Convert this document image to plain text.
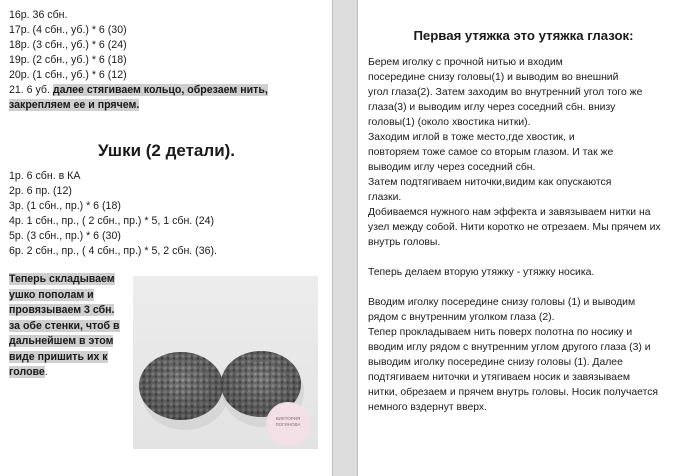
16р. 36 сбн.
17р. (4 сбн., уб.) * 6 (30)
18р. (3 сбн., уб.) * 6 (24)
19р. (2 сбн., уб.) * 6 (18)
20р. (1 сбн., уб.) * 6 (12)
21. 6 уб. далее стягиваем кольцо, обрезаем нить,
закрепляем ее и прячем.
Ушки (2 детали).
1р. 6 сбн. в КА
2р. 6 пр. (12)
3р. (1 сбн., пр.) * 6 (18)
4р. 1 сбн., пр., ( 2 сбн., пр.) * 5, 1 сбн. (24)
5р. (3 сбн., пр.) * 6 (30)
6р. 2 сбн., пр., ( 4 сбн., пр.) * 5, 2 сбн. (36).
Теперь складываем
ушко пополам и
провязываем 3 сбн.
за обе стенки, чтоб в
дальнейшем в этом
виде пришить их к
голове.
ВИКТОРИЯ
ЛОГИНОВА
Первая утяжка это утяжка глазок:

Берем иголку с прочной нитью и входим

посередине снизу головы(1) и выводим во внешний

угол глаза(2). Затем заходим во внутренний угол того же

глаза(3) и выводим иглу через соседний сбн. внизу

головы(1) (около хвостика нитки).

Заходим иглой в тоже место,где хвостик, и

повторяем тоже самое со вторым глазом. И так же

выводим иглу через соседний сбн.

Затем подтягиваем ниточки,видим как опускаются

глазки.

Добиваемся нужного нам эффекта и завязываем нитки на

узел между собой. Нити коротко не отрезаем. Мы прячем их

внутрь головы.

Теперь делаем вторую утяжку - утяжку носика.

Вводим иголку посередине снизу головы (1) и выводим

рядом с внутренним уголком глаза (2).

Тепер прокладываем нить поверх полотна по носику и

вводим иглу рядом с внутренним углом другого глаза (3) и

выводим иголку посередине снизу головы (1). Далее

подтягиваем ниточки и утягиваем носик и завязываем

нитки, обрезаем и прячем внутрь головы. Носик получается

немного вздернут вверх.
